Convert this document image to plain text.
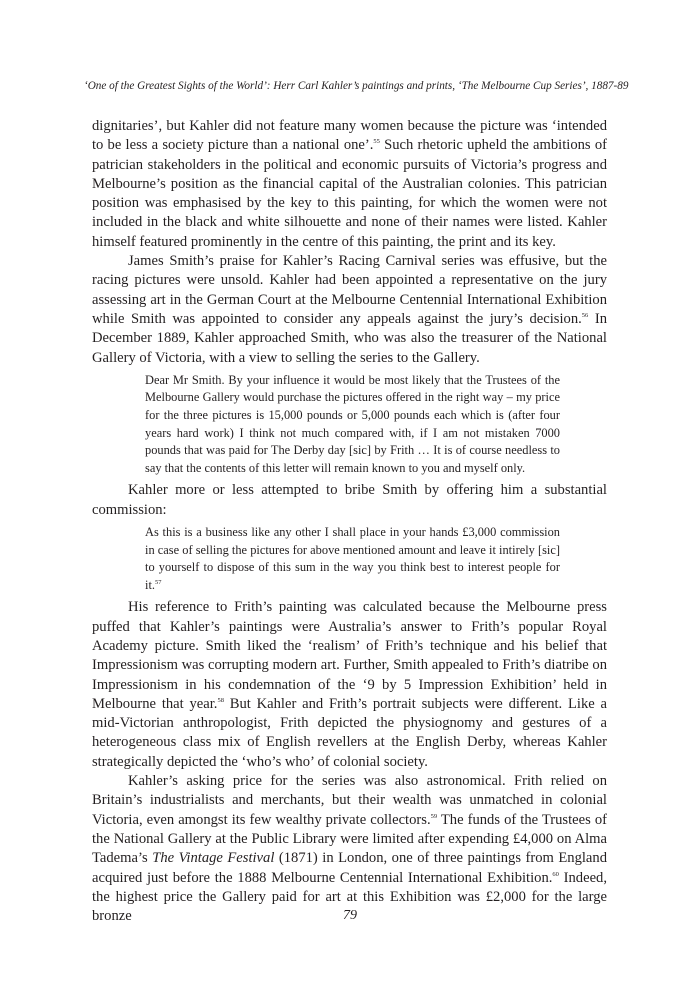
‘One of the Greatest Sights of the World’: Herr Carl Kahler’s paintings and prints, ‘The Melbourne Cup Series’, 1887-89

dignitaries’, but Kahler did not feature many women because the picture was ‘intended to be less a society picture than a national one’.$^{55}$ Such rhetoric upheld the ambitions of patrician stakeholders in the political and economic pursuits of Victoria’s progress and Melbourne’s position as the financial capital of the Australian colonies. This patrician position was emphasised by the key to this painting, for which the women were not included in the black and white silhouette and none of their names were listed. Kahler himself featured prominently in the centre of this painting, the print and its key.

James Smith’s praise for Kahler’s Racing Carnival series was effusive, but the racing pictures were unsold. Kahler had been appointed a representative on the jury assessing art in the German Court at the Melbourne Centennial International Exhibition while Smith was appointed to consider any appeals against the jury’s decision.$^{56}$ In December 1889, Kahler approached Smith, who was also the treasurer of the National Gallery of Victoria, with a view to selling the series to the Gallery.

Dear Mr Smith. By your influence it would be most likely that the Trustees of the Melbourne Gallery would purchase the pictures offered in the right way – my price for the three pictures is 15,000 pounds or 5,000 pounds each which is (after four years hard work) I think not much compared with, if I am not mistaken 7000 pounds that was paid for The Derby day [sic] by Frith … It is of course needless to say that the contents of this letter will remain known to you and myself only.

Kahler more or less attempted to bribe Smith by offering him a substantial commission:

As this is a business like any other I shall place in your hands £3,000 commission in case of selling the pictures for above mentioned amount and leave it intirely [sic] to yourself to dispose of this sum in the way you think best to interest people for it.$^{57}$

His reference to Frith’s painting was calculated because the Melbourne press puffed that Kahler’s paintings were Australia’s answer to Frith’s popular Royal Academy picture. Smith liked the ‘realism’ of Frith’s technique and his belief that Impressionism was corrupting modern art. Further, Smith appealed to Frith’s diatribe on Impressionism in his condemnation of the ‘9 by 5 Impression Exhibition’ held in Melbourne that year.$^{58}$ But Kahler and Frith’s portrait subjects were different. Like a mid-Victorian anthropologist, Frith depicted the physiognomy and gestures of a heterogeneous class mix of English revellers at the English Derby, whereas Kahler strategically depicted the ‘who’s who’ of colonial society.

Kahler’s asking price for the series was also astronomical. Frith relied on Britain’s industrialists and merchants, but their wealth was unmatched in colonial Victoria, even amongst its few wealthy private collectors.$^{59}$ The funds of the Trustees of the National Gallery at the Public Library were limited after expending £4,000 on Alma Tadema’s The Vintage Festival (1871) in London, one of three paintings from England acquired just before the 1888 Melbourne Centennial International Exhibition.$^{60}$ Indeed, the highest price the Gallery paid for art at this Exhibition was £2,000 for the large bronze	79
